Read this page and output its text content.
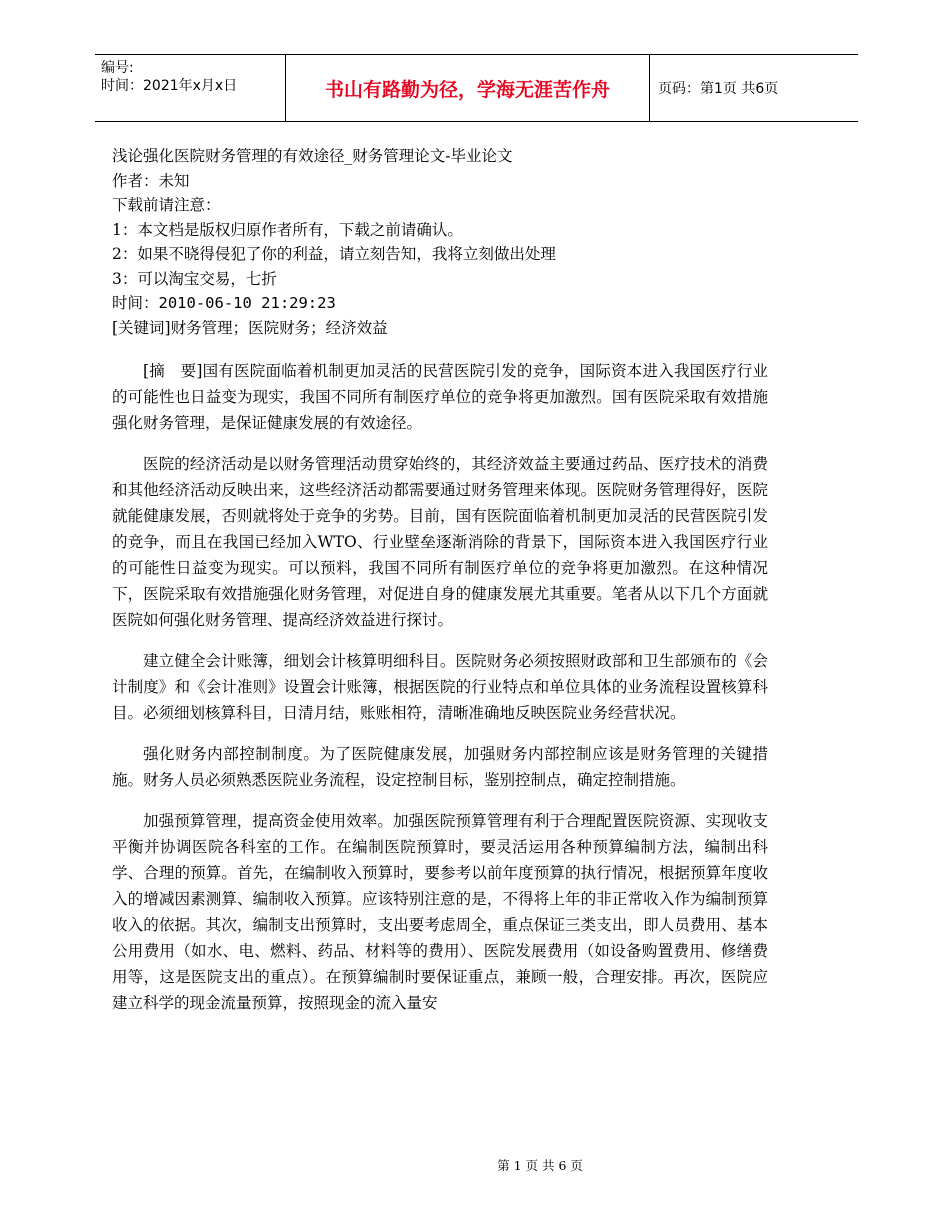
编号:
时间：2021年x月x日	书山有路勤为径，学海无涯苦作舟	页码：第1页 共6页
浅论强化医院财务管理的有效途径_财务管理论文-毕业论文
作者：未知
下载前请注意：
1：本文档是版权归原作者所有，下载之前请确认。
2：如果不晓得侵犯了你的利益，请立刻告知，我将立刻做出处理
3：可以淘宝交易，七折
时间：2010-06-10 21:29:23
[关键词]财务管理；医院财务；经济效益

[摘　要]国有医院面临着机制更加灵活的民营医院引发的竞争，国际资本进入我国医疗行业的可能性也日益变为现实，我国不同所有制医疗单位的竞争将更加激烈。国有医院采取有效措施强化财务管理，是保证健康发展的有效途径。

医院的经济活动是以财务管理活动贯穿始终的，其经济效益主要通过药品、医疗技术的消费和其他经济活动反映出来，这些经济活动都需要通过财务管理来体现。医院财务管理得好，医院就能健康发展，否则就将处于竞争的劣势。目前，国有医院面临着机制更加灵活的民营医院引发的竞争，而且在我国已经加入WTO、行业壁垒逐渐消除的背景下，国际资本进入我国医疗行业的可能性日益变为现实。可以预料，我国不同所有制医疗单位的竞争将更加激烈。在这种情况下，医院采取有效措施强化财务管理，对促进自身的健康发展尤其重要。笔者从以下几个方面就医院如何强化财务管理、提高经济效益进行探讨。

建立健全会计账簿，细划会计核算明细科目。医院财务必须按照财政部和卫生部颁布的《会计制度》和《会计准则》设置会计账簿，根据医院的行业特点和单位具体的业务流程设置核算科目。必须细划核算科目，日清月结，账账相符，清晰准确地反映医院业务经营状况。

强化财务内部控制制度。为了医院健康发展，加强财务内部控制应该是财务管理的关键措施。财务人员必须熟悉医院业务流程，设定控制目标，鉴别控制点，确定控制措施。

加强预算管理，提高资金使用效率。加强医院预算管理有利于合理配置医院资源、实现收支平衡并协调医院各科室的工作。在编制医院预算时，要灵活运用各种预算编制方法，编制出科学、合理的预算。首先，在编制收入预算时，要参考以前年度预算的执行情况，根据预算年度收入的增减因素测算、编制收入预算。应该特别注意的是，不得将上年的非正常收入作为编制预算收入的依据。其次，编制支出预算时，支出要考虑周全，重点保证三类支出，即人员费用、基本公用费用（如水、电、燃料、药品、材料等的费用）、医院发展费用（如设备购置费用、修缮费用等，这是医院支出的重点）。在预算编制时要保证重点，兼顾一般，合理安排。再次，医院应建立科学的现金流量预算，按照现金的流入量安

第 1 页 共 6 页
